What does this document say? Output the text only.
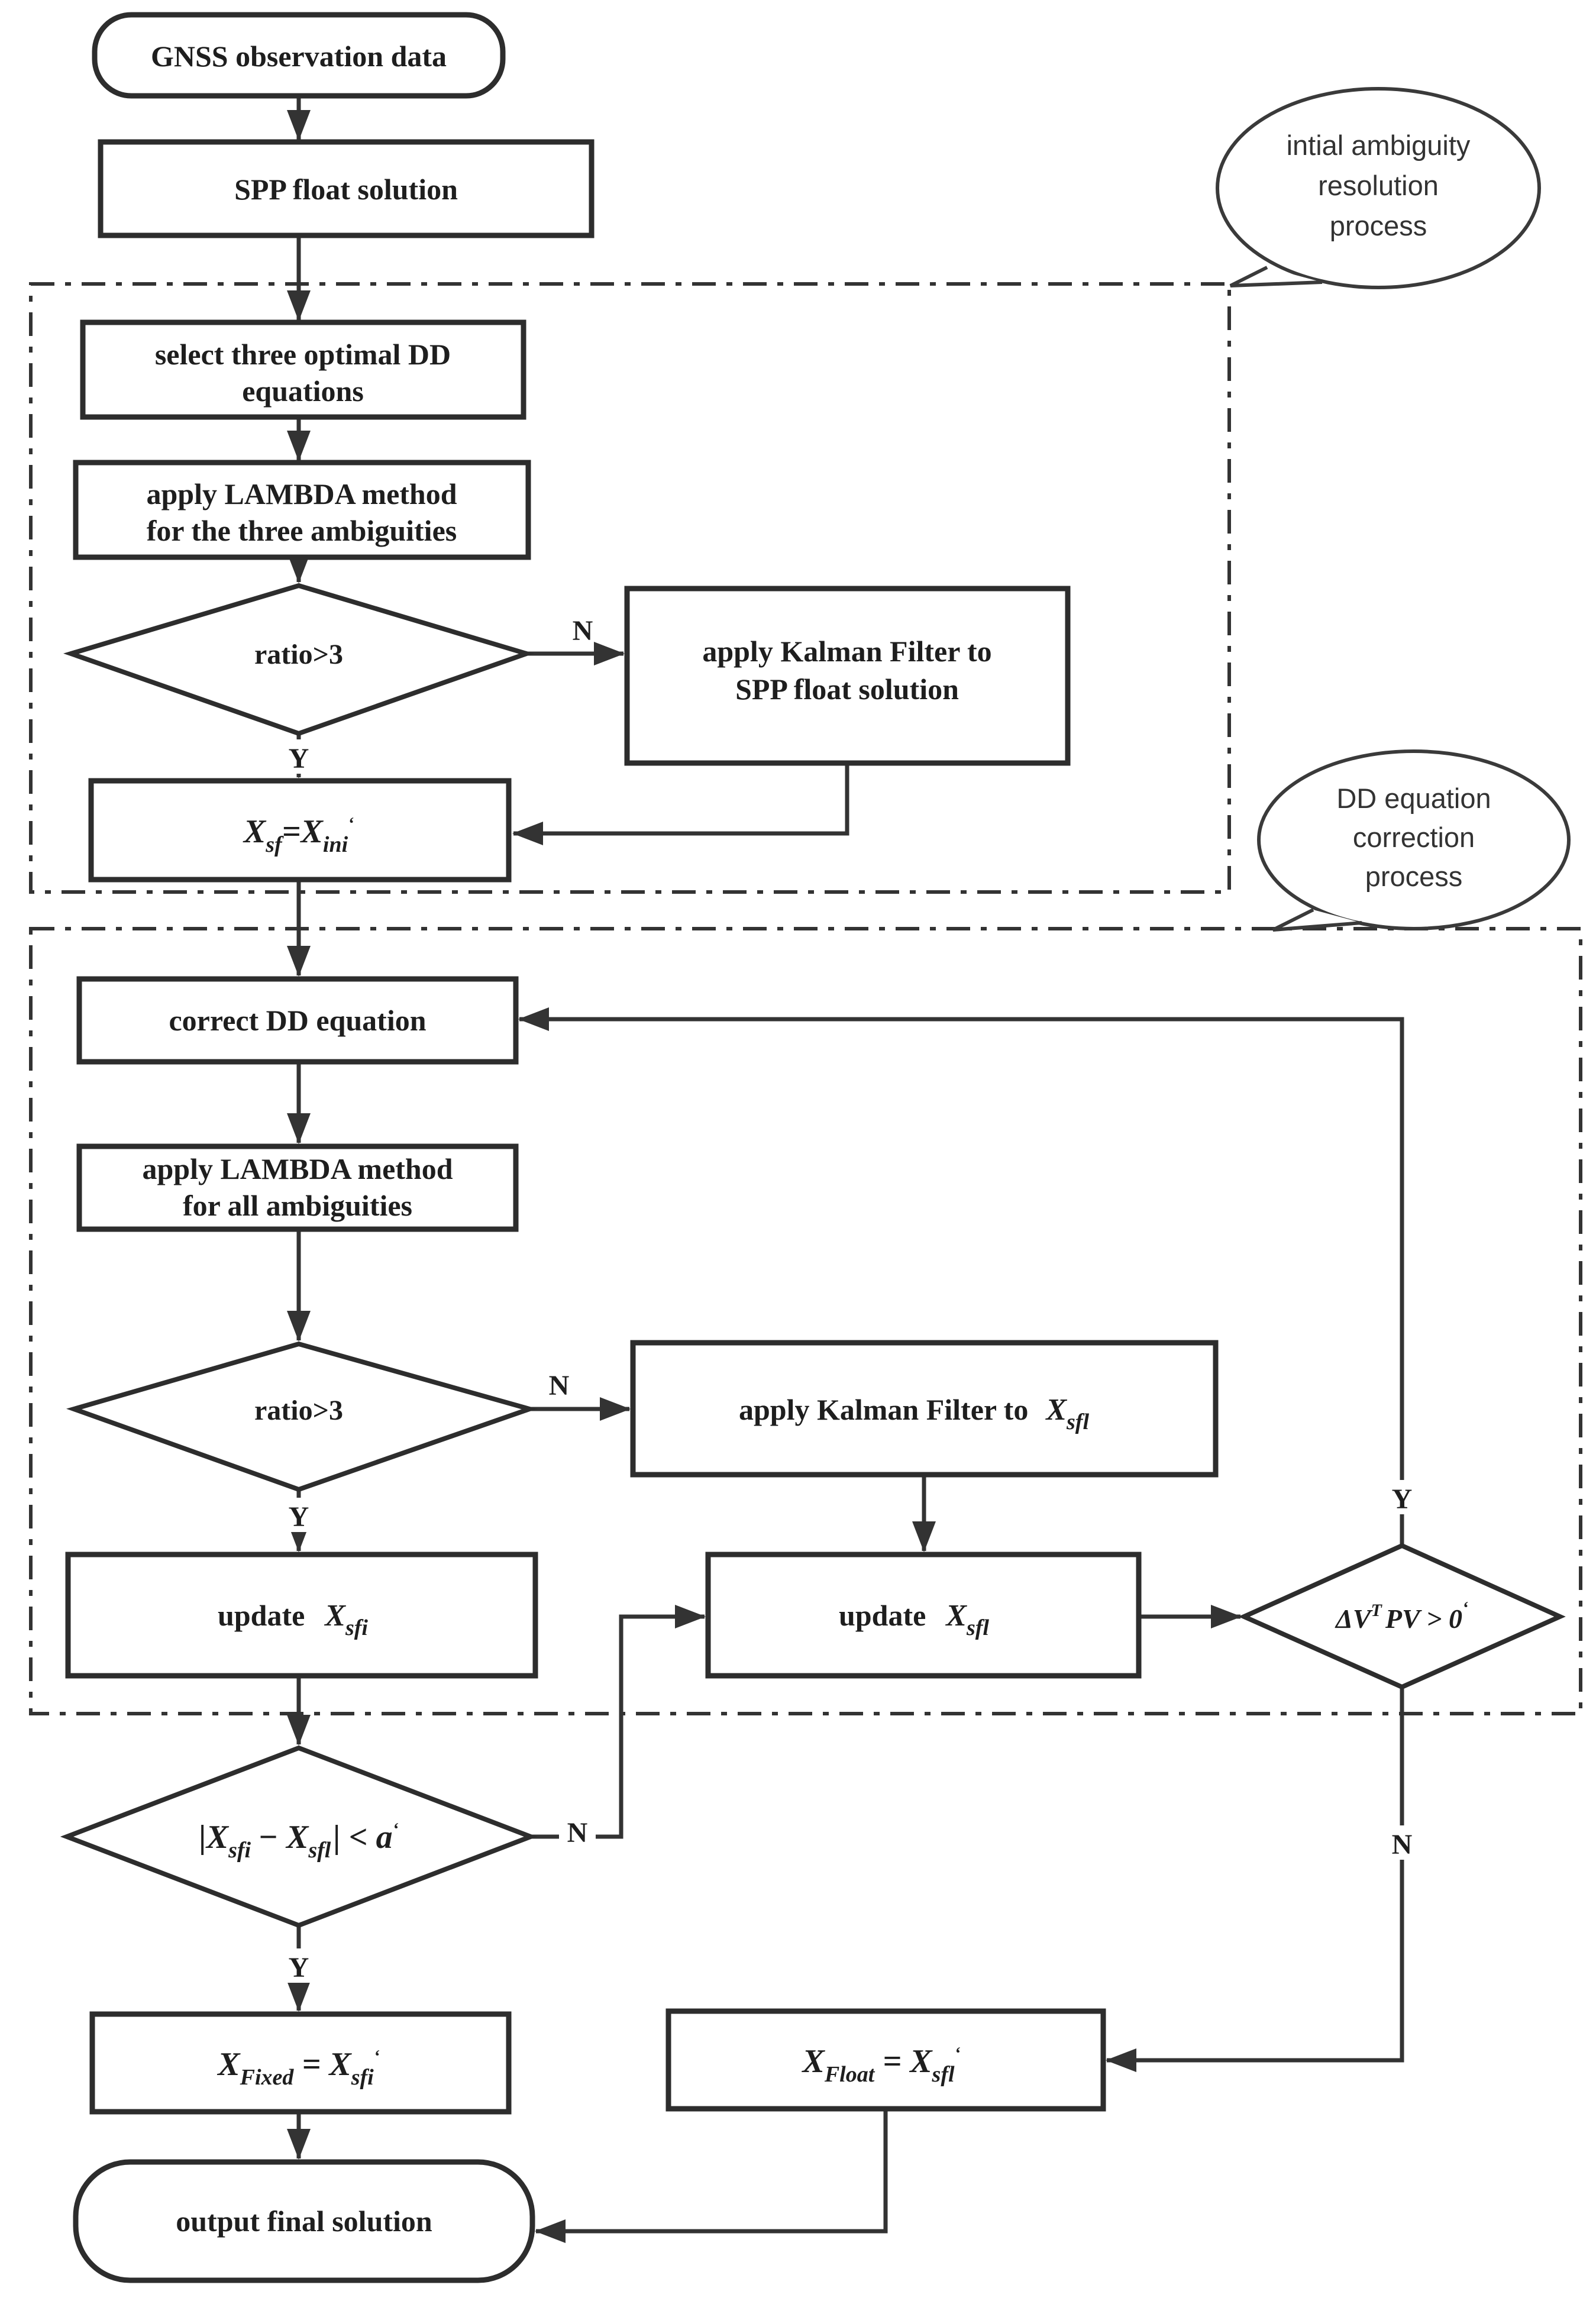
intial ambiguity
resolution
process
DD equation
correction
process
GNSS observation data
SPP float solution
select three optimal DD
equations
apply LAMBDA method
for the three ambiguities
ratio>3	apply Kalman Filter to
SPP float solution
$X_{sf}=X_{ini}^‘$
correct DD equation
apply LAMBDA method
for all ambiguities
ratio>3	apply Kalman Filter to $X_{sfl}$
update $X_{sfi}$	update $X_{sfl}$	$\Delta V^T$ PV > 0‘
$|X_{sfi} - X_{sfl}| < a^‘$
$X_{Fixed} = X_{sfi}^‘$	$X_{Float} = X_{sfl}^‘$
output final solution
N
Y
N
Y
N
Y
Y
N
